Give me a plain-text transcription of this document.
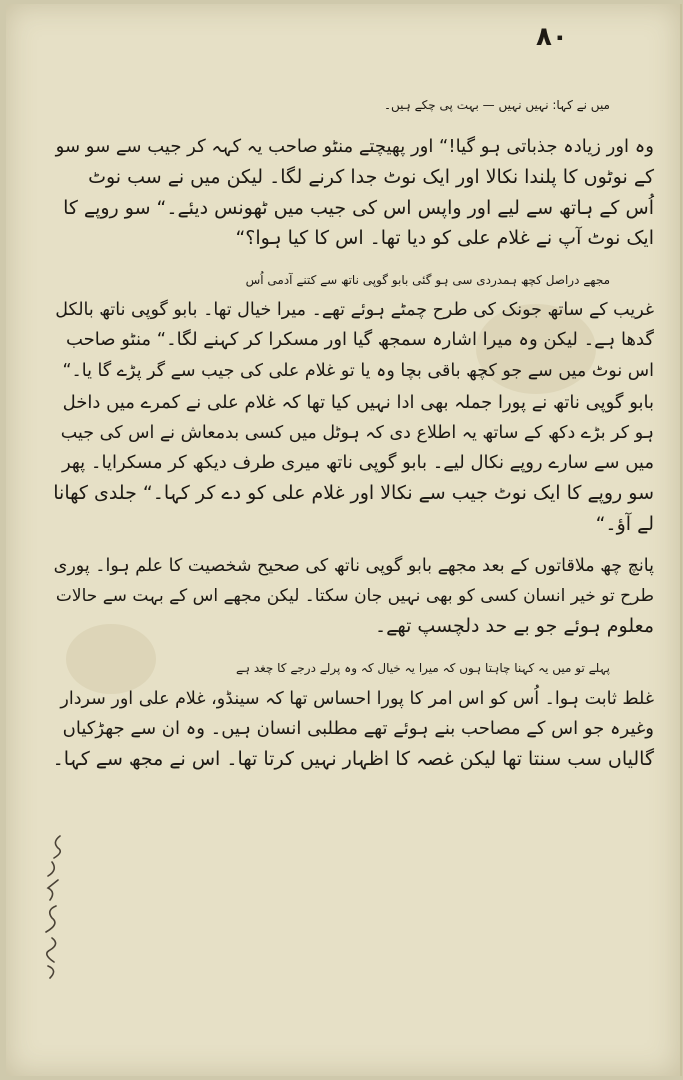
۸۰

میں نے کہا: نہیں نہیں — بہت پی چکے ہیں۔

وہ اور زیادہ جذباتی ہو گیا!“ اور پھیچتے منٹو صاحب یہ کہہ کر جیب سے سو سو
کے نوٹوں کا پلندا نکالا اور ایک نوٹ جدا کرنے لگا۔ لیکن میں نے سب نوٹ
اُس کے ہاتھ سے لیے اور واپس اس کی جیب میں ٹھونس دیئے۔“ سو روپے کا
ایک نوٹ آپ نے غلام علی کو دیا تھا۔ اس کا کیا ہوا؟“

مجھے دراصل کچھ ہمدردی سی ہو گئی بابو گوپی ناتھ سے کتنے آدمی اُس
غریب کے ساتھ جونک کی طرح چمٹے ہوئے تھے۔ میرا خیال تھا۔ بابو گوپی ناتھ بالکل
گدھا ہے۔ لیکن وہ میرا اشارہ سمجھ گیا اور مسکرا کر کہنے لگا۔“ منٹو صاحب
اس نوٹ میں سے جو کچھ باقی بچا وہ یا تو غلام علی کی جیب سے گر پڑے گا یا۔“

بابو گوپی ناتھ نے پورا جملہ بھی ادا نہیں کیا تھا کہ غلام علی نے کمرے میں داخل
ہو کر بڑے دکھ کے ساتھ یہ اطلاع دی کہ ہوٹل میں کسی بدمعاش نے اس کی جیب
میں سے سارے روپے نکال لیے۔ بابو گوپی ناتھ میری طرف دیکھ کر مسکرایا۔ پھر
سو روپے کا ایک نوٹ جیب سے نکالا اور غلام علی کو دے کر کہا۔“ جلدی کھانا
لے آؤ۔“

پانچ چھ ملاقاتوں کے بعد مجھے بابو گوپی ناتھ کی صحیح شخصیت کا علم ہوا۔ پوری
طرح تو خیر انسان کسی کو بھی نہیں جان سکتا۔ لیکن مجھے اس کے بہت سے حالات
معلوم ہوئے جو بے حد دلچسپ تھے۔

پہلے تو میں یہ کہنا چاہتا ہوں کہ میرا یہ خیال کہ وہ پرلے درجے کا چغد ہے
غلط ثابت ہوا۔ اُس کو اس امر کا پورا احساس تھا کہ سینڈو، غلام علی اور سردار
وغیرہ جو اس کے مصاحب بنے ہوئے تھے مطلبی انسان ہیں۔ وہ ان سے جھڑکیاں
گالیاں سب سنتا تھا لیکن غصہ کا اظہار نہیں کرتا تھا۔ اس نے مجھ سے کہا۔
